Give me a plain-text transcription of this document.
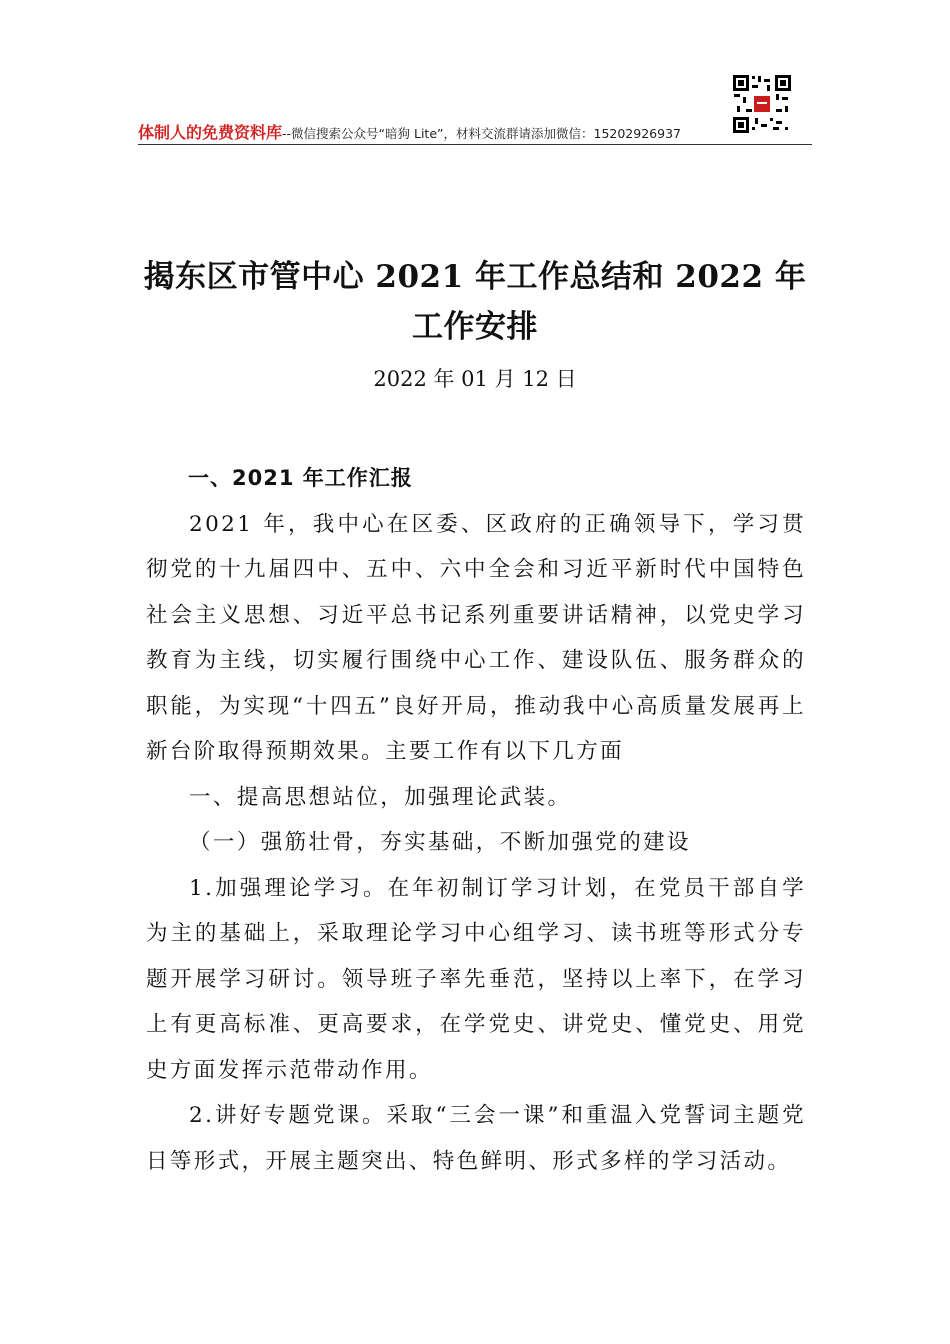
体制人的免费资料库--微信搜索公众号“暗狗 Lite”，材料交流群请添加微信：15202926937
揭东区市管中心 2021 年工作总结和 2022 年
工作安排
2022 年 01 月 12 日

一、2021 年工作汇报

2021 年，我中心在区委、区政府的正确领导下，学习贯彻党的十九届四中、五中、六中全会和习近平新时代中国特色社会主义思想、习近平总书记系列重要讲话精神，以党史学习教育为主线，切实履行围绕中心工作、建设队伍、服务群众的职能，为实现“十四五”良好开局，推动我中心高质量发展再上新台阶取得预期效果。主要工作有以下几方面

一、提高思想站位，加强理论武装。

（一）强筋壮骨，夯实基础，不断加强党的建设

1.加强理论学习。在年初制订学习计划，在党员干部自学为主的基础上，采取理论学习中心组学习、读书班等形式分专题开展学习研讨。领导班子率先垂范，坚持以上率下，在学习上有更高标准、更高要求，在学党史、讲党史、懂党史、用党史方面发挥示范带动作用。

2.讲好专题党课。采取“三会一课”和重温入党誓词主题党日等形式，开展主题突出、特色鲜明、形式多样的学习活动。
